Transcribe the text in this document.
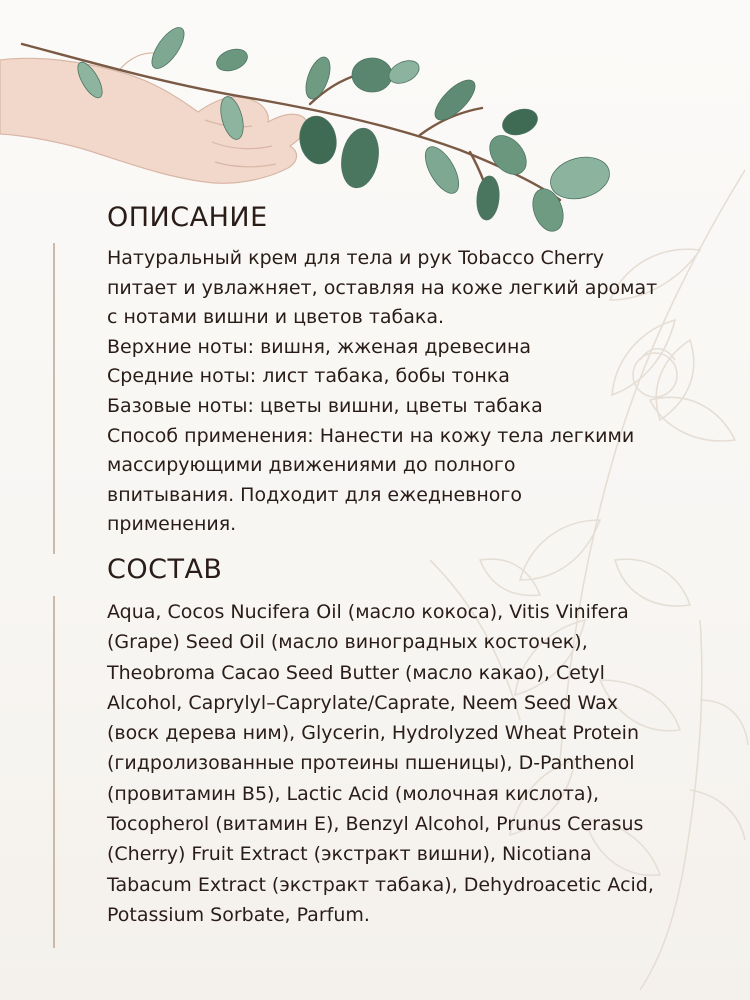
ОПИСАНИЕ

Натуральный крем для тела и рук Tobacco Cherry

питает и увлажняет, оставляя на коже легкий аромат

с нотами вишни и цветов табака.

Верхние ноты: вишня, жженая древесина

Средние ноты: лист табака, бобы тонка

Базовые ноты: цветы вишни, цветы табака

Способ применения: Нанести на кожу тела легкими

массирующими движениями до полного

впитывания. Подходит для ежедневного

применения.

СОСТАВ

Aqua, Cocos Nucifera Oil (масло кокоса), Vitis Vinifera (Grape) Seed Oil (масло виноградных косточек), Theobroma Cacao Seed Butter (масло какао), Cetyl Alcohol, Caprylyl–Caprylate/Caprate, Neem Seed Wax (воск дерева ним), Glycerin, Hydrolyzed Wheat Protein (гидролизованные протеины пшеницы), D-Panthenol (провитамин B5), Lactic Acid (молочная кислота), Tocopherol (витамин E), Benzyl Alcohol, Prunus Cerasus (Cherry) Fruit Extract (экстракт вишни), Nicotiana Tabacum Extract (экстракт табака), Dehydroacetic Acid, Potassium Sorbate, Parfum.
